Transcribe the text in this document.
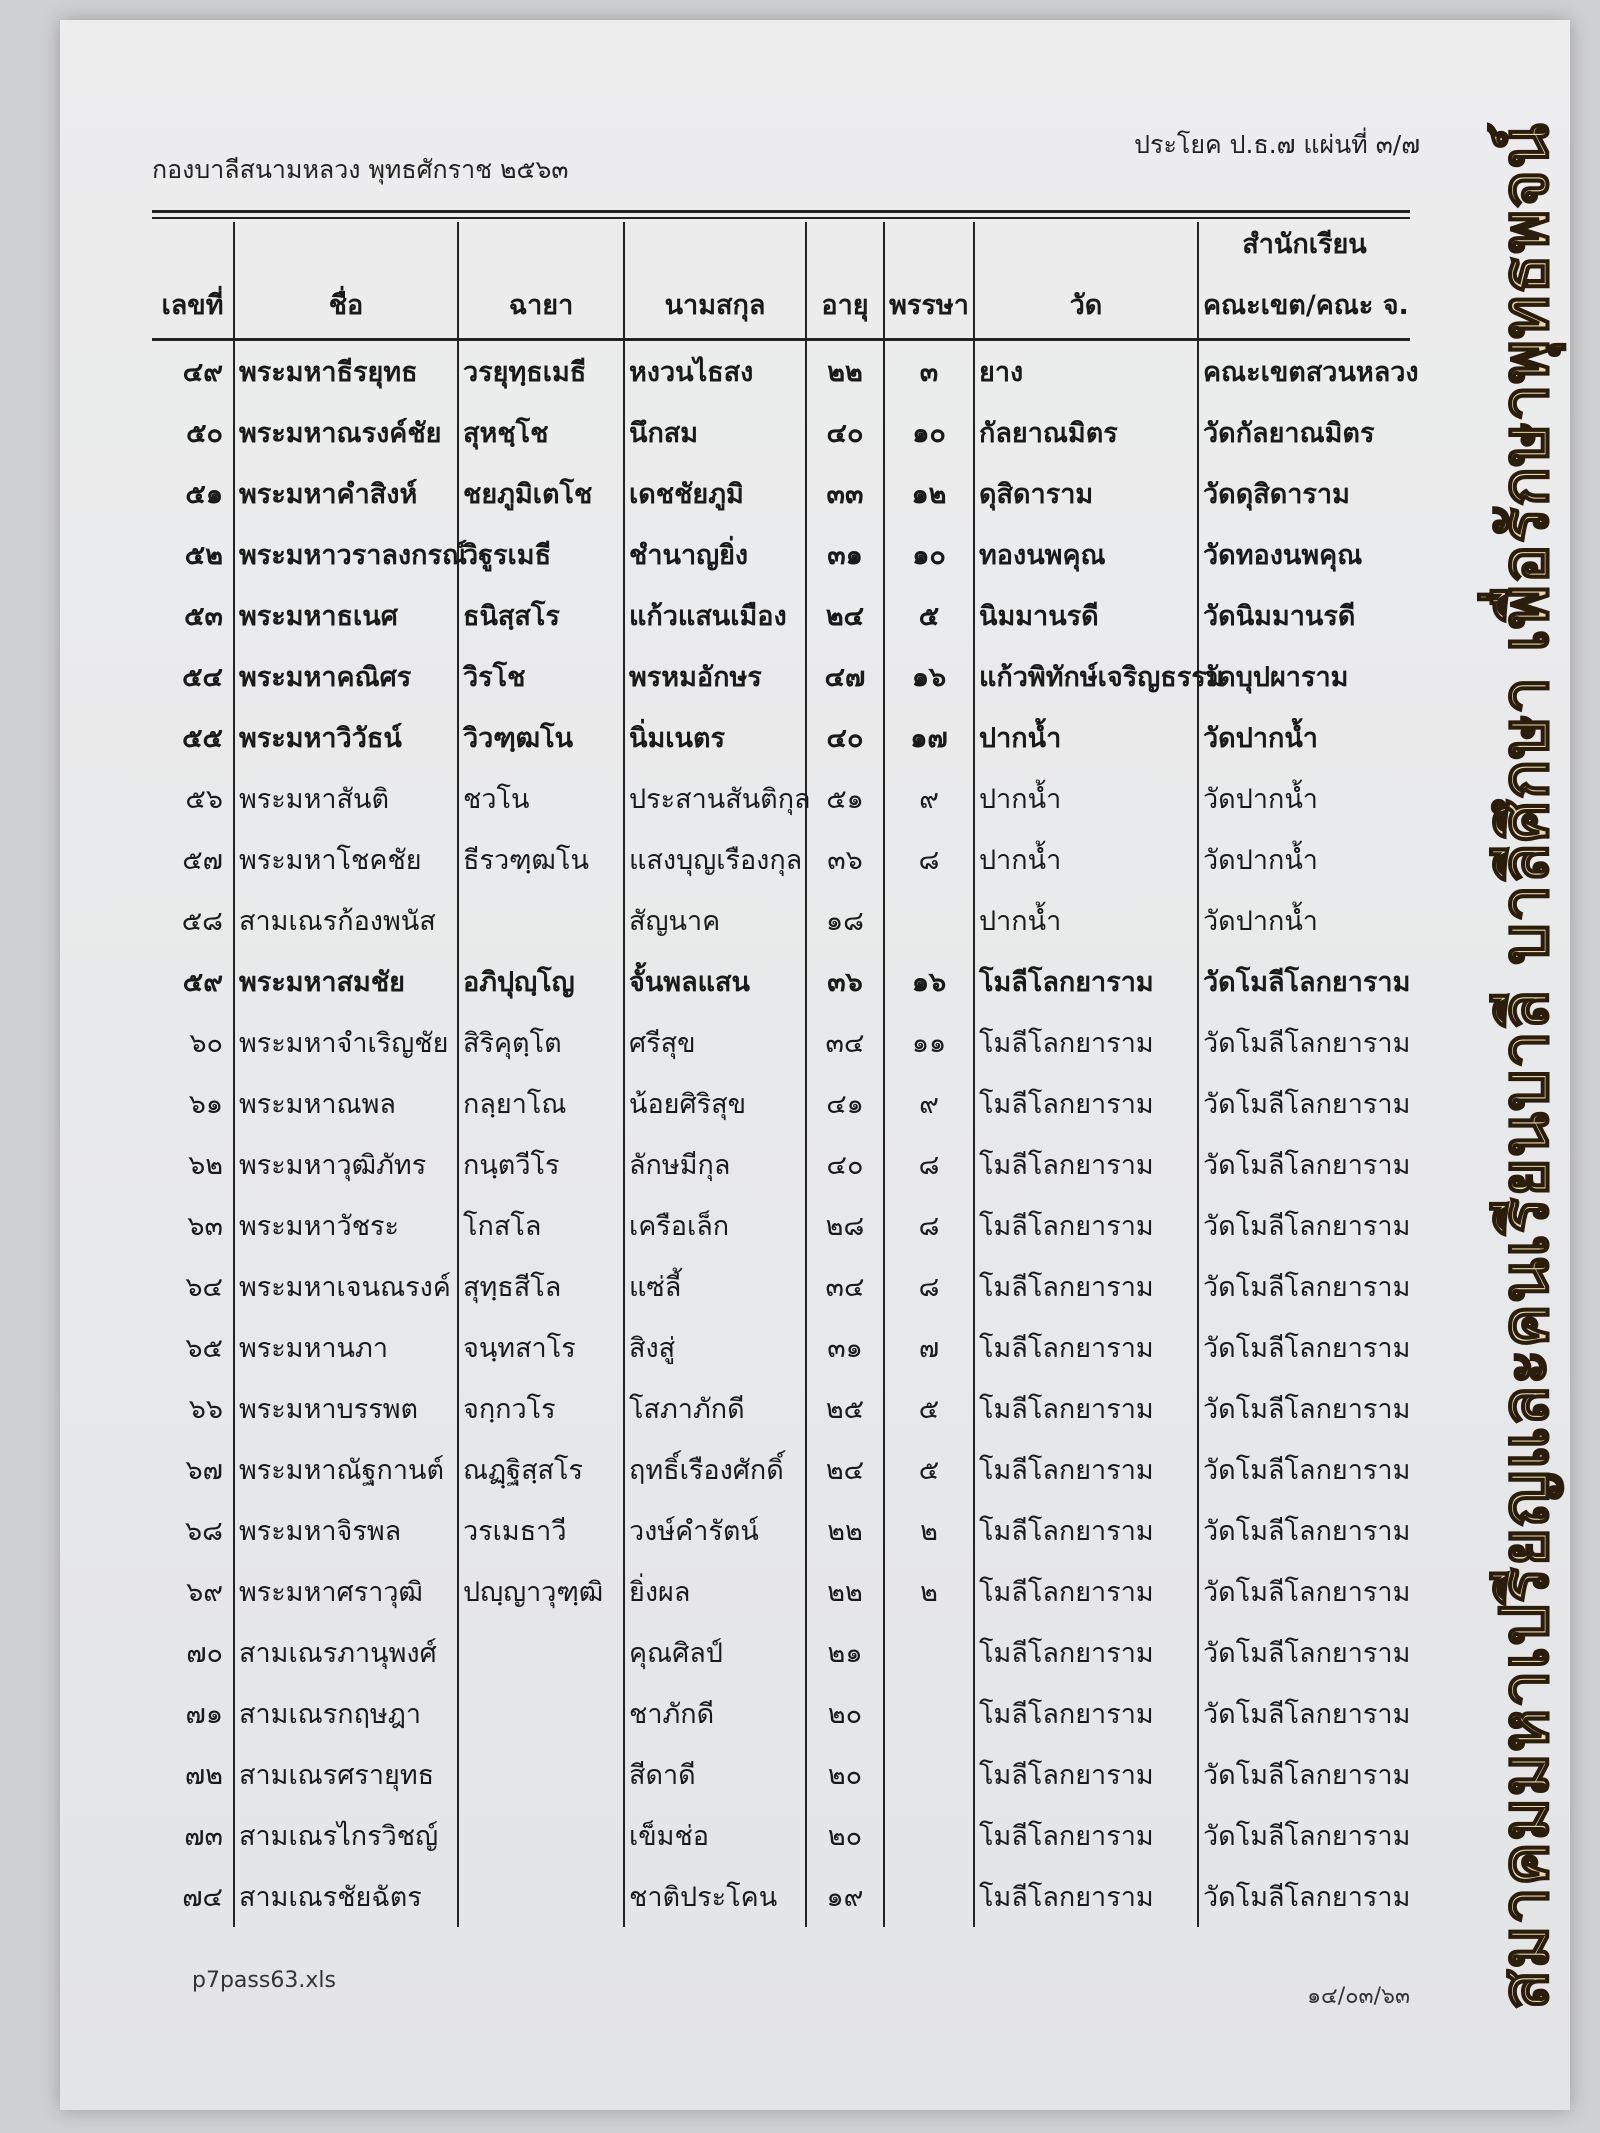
กองบาลีสนามหลวง พุทธศักราช ๒๕๖๓
ประโยค ป.ธ.๗ แผ่นที่ ๓/๗
เลขที่	ชื่อ	ฉายา	นามสกุล	อายุ	พรรษา	วัด	สำนักเรียน
คณะเขต/คณะ จ.

๔๙	พระมหาธีรยุทธ	วรยุทฺธเมธี	หงวนไธสง	๒๒	๓	ยาง	คณะเขตสวนหลวง
๕๐	พระมหาณรงค์ชัย	สุหชฺโช	นึกสม	๔๐	๑๐	กัลยาณมิตร	วัดกัลยาณมิตร
๕๑	พระมหาคำสิงห์	ชยภูมิเตโช	เดชชัยภูมิ	๓๓	๑๒	ดุสิดาราม	วัดดุสิดาราม
๕๒	พระมหาวราลงกรณ์	วิฐูรเมธี	ชำนาญยิ่ง	๓๑	๑๐	ทองนพคุณ	วัดทองนพคุณ
๕๓	พระมหาธเนศ	ธนิสฺสโร	แก้วแสนเมือง	๒๔	๕	นิมมานรดี	วัดนิมมานรดี
๕๔	พระมหาคณิศร	วิรโช	พรหมอักษร	๔๗	๑๖	แก้วพิทักษ์เจริญธรรม	วัดบุปผาราม
๕๕	พระมหาวิวัธน์	วิวฑฺฒโน	นิ่มเนตร	๔๐	๑๗	ปากน้ำ	วัดปากน้ำ
๕๖	พระมหาสันติ	ชวโน	ประสานสันติกุล	๕๑	๙	ปากน้ำ	วัดปากน้ำ
๕๗	พระมหาโชคชัย	ธีรวฑฺฒโน	แสงบุญเรืองกุล	๓๖	๘	ปากน้ำ	วัดปากน้ำ
๕๘	สามเณรก้องพนัส		สัญนาค	๑๘		ปากน้ำ	วัดปากน้ำ
๕๙	พระมหาสมชัย	อภิปุญฺโญ	จั้นพลแสน	๓๖	๑๖	โมลีโลกยาราม	วัดโมลีโลกยาราม
๖๐	พระมหาจำเริญชัย	สิริคุตฺโต	ศรีสุข	๓๔	๑๑	โมลีโลกยาราม	วัดโมลีโลกยาราม
๖๑	พระมหาณพล	กลฺยาโณ	น้อยศิริสุข	๔๑	๙	โมลีโลกยาราม	วัดโมลีโลกยาราม
๖๒	พระมหาวุฒิภัทร	กนฺตวีโร	ลักษมีกุล	๔๐	๘	โมลีโลกยาราม	วัดโมลีโลกยาราม
๖๓	พระมหาวัชระ	โกสโล	เครือเล็ก	๒๘	๘	โมลีโลกยาราม	วัดโมลีโลกยาราม
๖๔	พระมหาเจนณรงค์	สุทฺธสีโล	แซ่ลี้	๓๔	๘	โมลีโลกยาราม	วัดโมลีโลกยาราม
๖๕	พระมหานภา	จนฺทสาโร	สิงสู่	๓๑	๗	โมลีโลกยาราม	วัดโมลีโลกยาราม
๖๖	พระมหาบรรพต	จกฺกวโร	โสภาภักดี	๒๕	๕	โมลีโลกยาราม	วัดโมลีโลกยาราม
๖๗	พระมหาณัฐกานต์	ณฏฺฐิสฺสโร	ฤทธิ์เรืองศักดิ์	๒๔	๕	โมลีโลกยาราม	วัดโมลีโลกยาราม
๖๘	พระมหาจิรพล	วรเมธาวี	วงษ์คำรัตน์	๒๒	๒	โมลีโลกยาราม	วัดโมลีโลกยาราม
๖๙	พระมหาศราวุฒิ	ปญฺญาวุฑฺฒิ	ยิ่งผล	๒๒	๒	โมลีโลกยาราม	วัดโมลีโลกยาราม
๗๐	สามเณรภานุพงศ์		คุณศิลป์	๒๑		โมลีโลกยาราม	วัดโมลีโลกยาราม
๗๑	สามเณรกฤษฎา		ชาภักดี	๒๐		โมลีโลกยาราม	วัดโมลีโลกยาราม
๗๒	สามเณรศรายุทธ		สีดาดี	๒๐		โมลีโลกยาราม	วัดโมลีโลกยาราม
๗๓	สามเณรไกรวิชญ์		เข็มช่อ	๒๐		โมลีโลกยาราม	วัดโมลีโลกยาราม
๗๔	สามเณรชัยฉัตร		ชาติประโคน	๑๙		โมลีโลกยาราม	วัดโมลีโลกยาราม
p7pass63.xls
๑๔/๐๓/๖๓ สมาคมมหาเปรียญและคนเรียนบาลี บาลีศึกษา เพื่อรักษาพุทธพจน์
